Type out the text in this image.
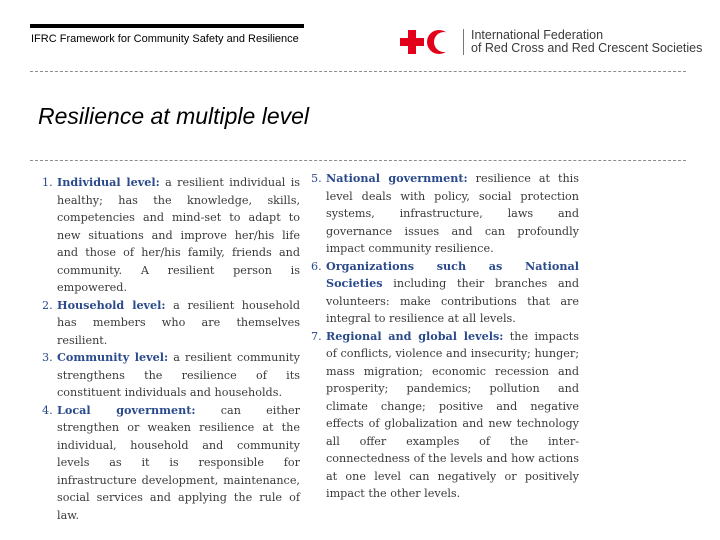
IFRC Framework for Community Safety and Resilience	International Federation
of Red Cross and Red Crescent Societies
Resilience at multiple level
1. Individual level: a resilient individual is healthy; has the knowledge, skills, competencies and mind-set to adapt to new situations and improve her/his life and those of her/his family, friends and community. A resilient person is empowered.
2. Household level: a resilient household has members who are themselves resilient.
3. Community level: a resilient community strengthens the resilience of its constituent individuals and households.
4. Local government: can either strengthen or weaken resilience at the individual, household and community levels as it is responsible for infrastructure development, maintenance, social services and applying the rule of law.
5. National government: resilience at this level deals with policy, social protection systems, infrastructure, laws and governance issues and can profoundly impact community resilience.
6. Organizations such as National Societies including their branches and volunteers: make contributions that are integral to resilience at all levels.
7. Regional and global levels: the impacts of conflicts, violence and insecurity; hunger; mass migration; economic recession and prosperity; pandemics; pollution and climate change; positive and negative effects of globalization and new technology all offer examples of the inter-connectedness of the levels and how actions at one level can negatively or positively impact the other levels.
